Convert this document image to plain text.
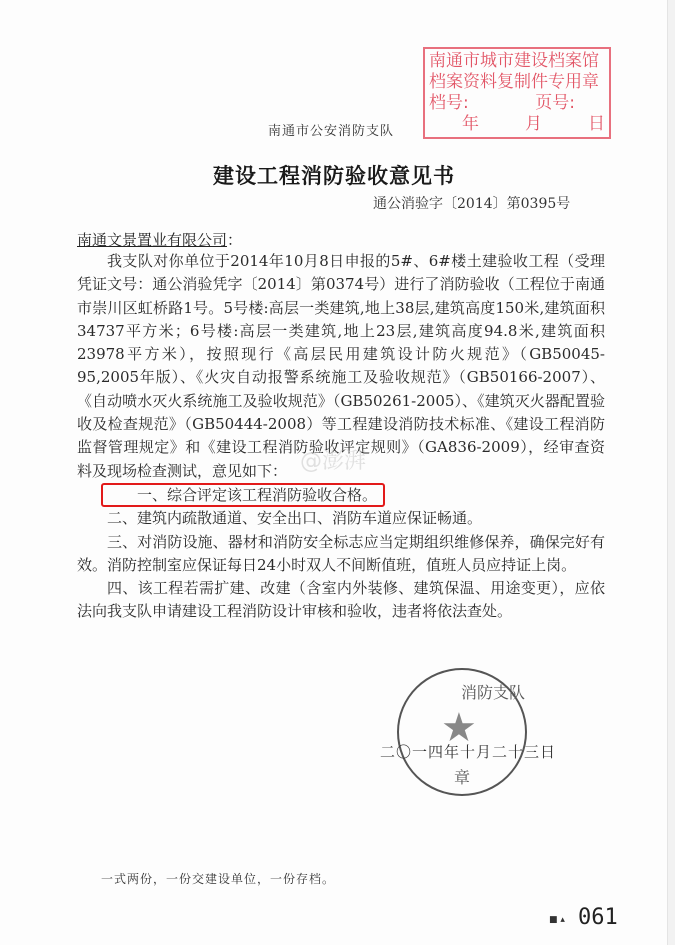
南通市城市建设档案馆
档案资料复制件专用章
档号:	页号:
年	月	日
南通市公安消防支队
建设工程消防验收意见书
通公消验字〔2014〕第0395号
南通文景置业有限公司：

我支队对你单位于2014年10月8日申报的5#、6#楼土建验收工程（受理凭证文号：通公消验凭字〔2014〕第0374号）进行了消防验收（工程位于南通市崇川区虹桥路1号。5号楼:高层一类建筑,地上38层,建筑高度150米,建筑面积34737平方米；6号楼:高层一类建筑,地上23层,建筑高度94.8米,建筑面积23978平方米），按照现行《高层民用建筑设计防火规范》（GB50045-95,2005年版）、《火灾自动报警系统施工及验收规范》（GB50166-2007）、《自动喷水灭火系统施工及验收规范》（GB50261-2005）、《建筑灭火器配置验收及检查规范》（GB50444-2008）等工程建设消防技术标准、《建设工程消防监督管理规定》和《建设工程消防验收评定规则》（GA836-2009），经审查资料及现场检查测试，意见如下：

一、综合评定该工程消防验收合格。

二、建筑内疏散通道、安全出口、消防车道应保证畅通。

三、对消防设施、器材和消防安全标志应当定期组织维修保养，确保完好有效。消防控制室应保证每日24小时双人不间断值班，值班人员应持证上岗。

四、该工程若需扩建、改建（含室内外装修、建筑保温、用途变更），应依法向我支队申请建设工程消防设计审核和验收，违者将依法查处。

@澎湃
★
消防支队
章
二〇一四年十月二十三日
一式两份，一份交建设单位，一份存档。
■ ▴ 061
